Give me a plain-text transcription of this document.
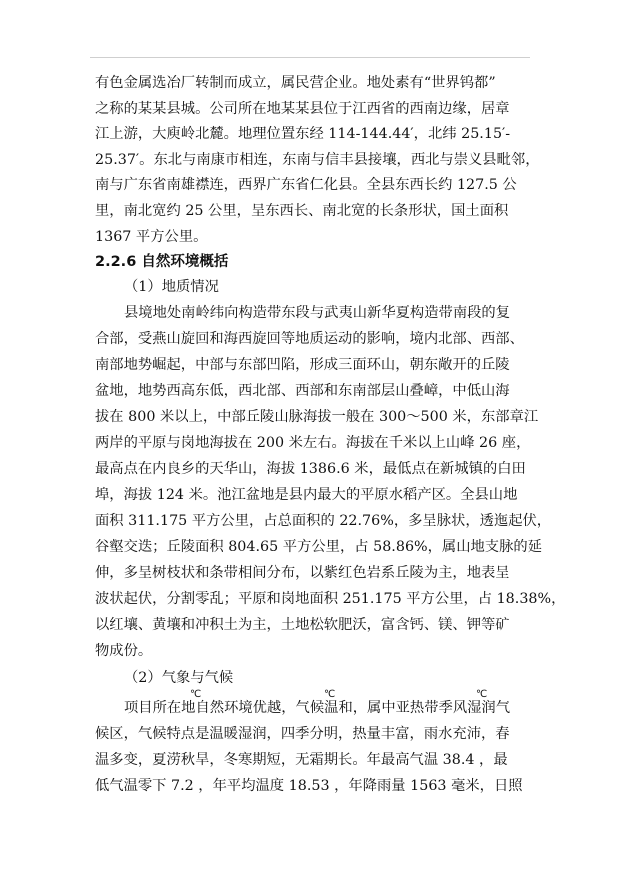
有色金属选冶厂转制而成立，属民营企业。地处素有“世界钨都”
之称的某某县城。公司所在地某某县位于江西省的西南边缘，居章
江上游，大庾岭北麓。地理位置东经 114-144.44′，北纬 25.15′-
25.37′。东北与南康市相连，东南与信丰县接壤，西北与崇义县毗邻，
南与广东省南雄襟连，西界广东省仁化县。全县东西长约 127.5 公
里，南北宽约 25 公里，呈东西长、南北宽的长条形状，国土面积
1367 平方公里。
2.2.6 自然环境概括
（1）地质情况
县境地处南岭纬向构造带东段与武夷山新华夏构造带南段的复
合部，受燕山旋回和海西旋回等地质运动的影响，境内北部、西部、
南部地势崛起，中部与东部凹陷，形成三面环山，朝东敞开的丘陵
盆地，地势西高东低，西北部、西部和东南部层山叠嶂，中低山海
拔在 800 米以上，中部丘陵山脉海拔一般在 300～500 米，东部章江
两岸的平原与岗地海拔在 200 米左右。海拔在千米以上山峰 26 座，
最高点在内良乡的天华山，海拔 1386.6 米，最低点在新城镇的白田
埠，海拔 124 米。池江盆地是县内最大的平原水稻产区。全县山地
面积 311.175 平方公里，占总面积的 22.76%，多呈脉状，透迤起伏，
谷壑交迭；丘陵面积 804.65 平方公里，占 58.86%，属山地支脉的延
伸，多呈树枝状和条带相间分布，以紫红色岩系丘陵为主，地表呈
波状起伏，分割零乱；平原和岗地面积 251.175 平方公里，占 18.38%，
以红壤、黄壤和冲积土为主，土地松软肥沃，富含钙、镁、钾等矿
物成份。
（2）气象与气候
项目所在地自然环境优越，气候温和，属中亚热带季风湿润气
候区，气候特点是温暖湿润，四季分明，热量丰富，雨水充沛，春
温多变，夏涝秋旱，冬寒期短，无霜期长。年最高气温 38.4 ，最
低气温零下 7.2 ，年平均温度 18.53 ，年降雨量 1563 毫米，日照
℃	℃	℃
